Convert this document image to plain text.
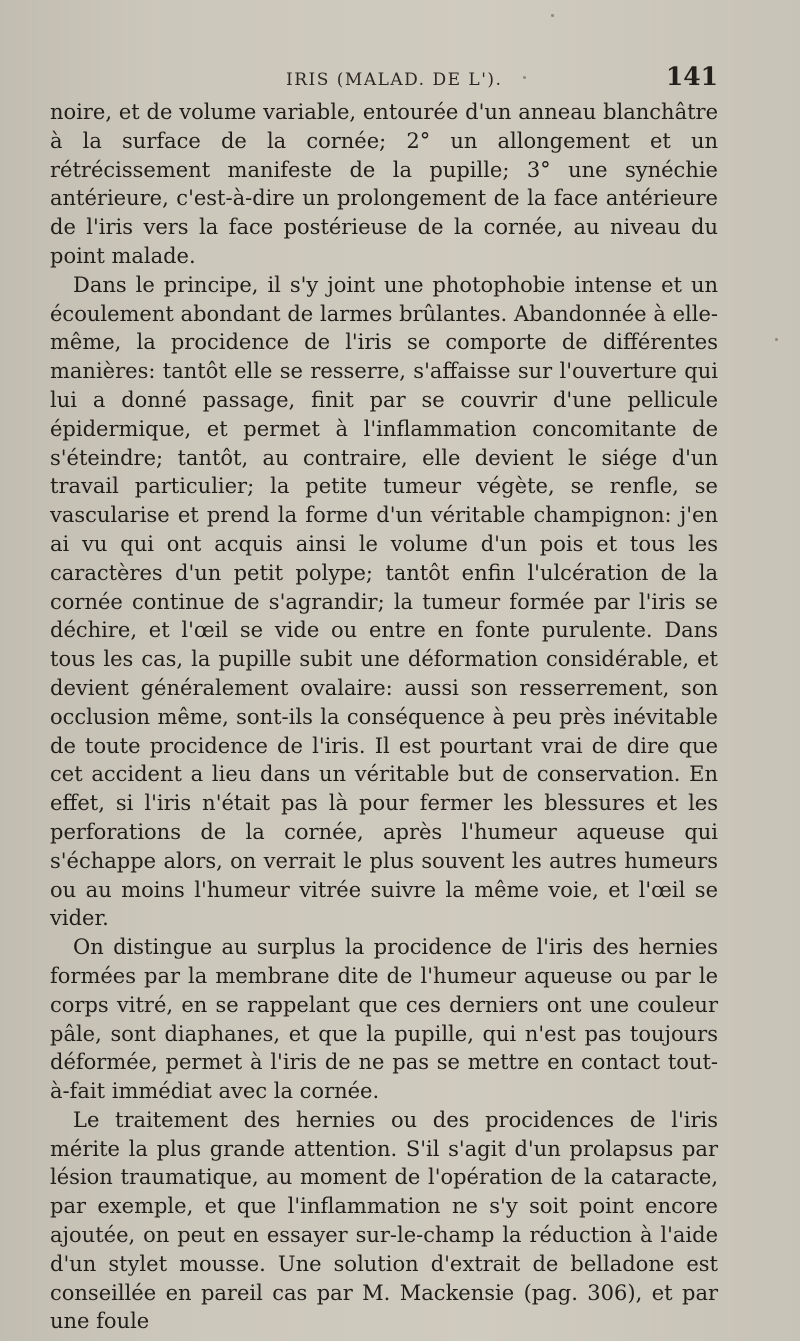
IRIS (MALAD. DE L').	141

noire, et de volume variable, entourée d'un anneau blanchâtre à la surface de la cornée; 2° un allongement et un rétrécissement manifeste de la pupille; 3° une synéchie antérieure, c'est-à-dire un prolongement de la face antérieure de l'iris vers la face postérieuse de la cornée, au niveau du point malade.

Dans le principe, il s'y joint une photophobie intense et un écoulement abondant de larmes brûlantes. Abandonnée à elle-même, la procidence de l'iris se comporte de différentes manières: tantôt elle se resserre, s'affaisse sur l'ouverture qui lui a donné passage, finit par se couvrir d'une pellicule épidermique, et permet à l'inflammation concomitante de s'éteindre; tantôt, au contraire, elle devient le siége d'un travail particulier; la petite tumeur végète, se renfle, se vascularise et prend la forme d'un véritable champignon: j'en ai vu qui ont acquis ainsi le volume d'un pois et tous les caractères d'un petit polype; tantôt enfin l'ulcération de la cornée continue de s'agrandir; la tumeur formée par l'iris se déchire, et l'œil se vide ou entre en fonte purulente. Dans tous les cas, la pupille subit une déformation considérable, et devient généralement ovalaire: aussi son resserrement, son occlusion même, sont-ils la conséquence à peu près inévitable de toute procidence de l'iris. Il est pourtant vrai de dire que cet accident a lieu dans un véritable but de conservation. En effet, si l'iris n'était pas là pour fermer les blessures et les perforations de la cornée, après l'humeur aqueuse qui s'échappe alors, on verrait le plus souvent les autres humeurs ou au moins l'humeur vitrée suivre la même voie, et l'œil se vider.

On distingue au surplus la procidence de l'iris des hernies formées par la membrane dite de l'humeur aqueuse ou par le corps vitré, en se rappelant que ces derniers ont une couleur pâle, sont diaphanes, et que la pupille, qui n'est pas toujours déformée, permet à l'iris de ne pas se mettre en contact tout-à-fait immédiat avec la cornée.

Le traitement des hernies ou des procidences de l'iris mérite la plus grande attention. S'il s'agit d'un prolapsus par lésion traumatique, au moment de l'opération de la cataracte, par exemple, et que l'inflammation ne s'y soit point encore ajoutée, on peut en essayer sur-le-champ la réduction à l'aide d'un stylet mousse. Une solution d'extrait de belladone est conseillée en pareil cas par M. Mackensie (pag. 306), et par une foule
